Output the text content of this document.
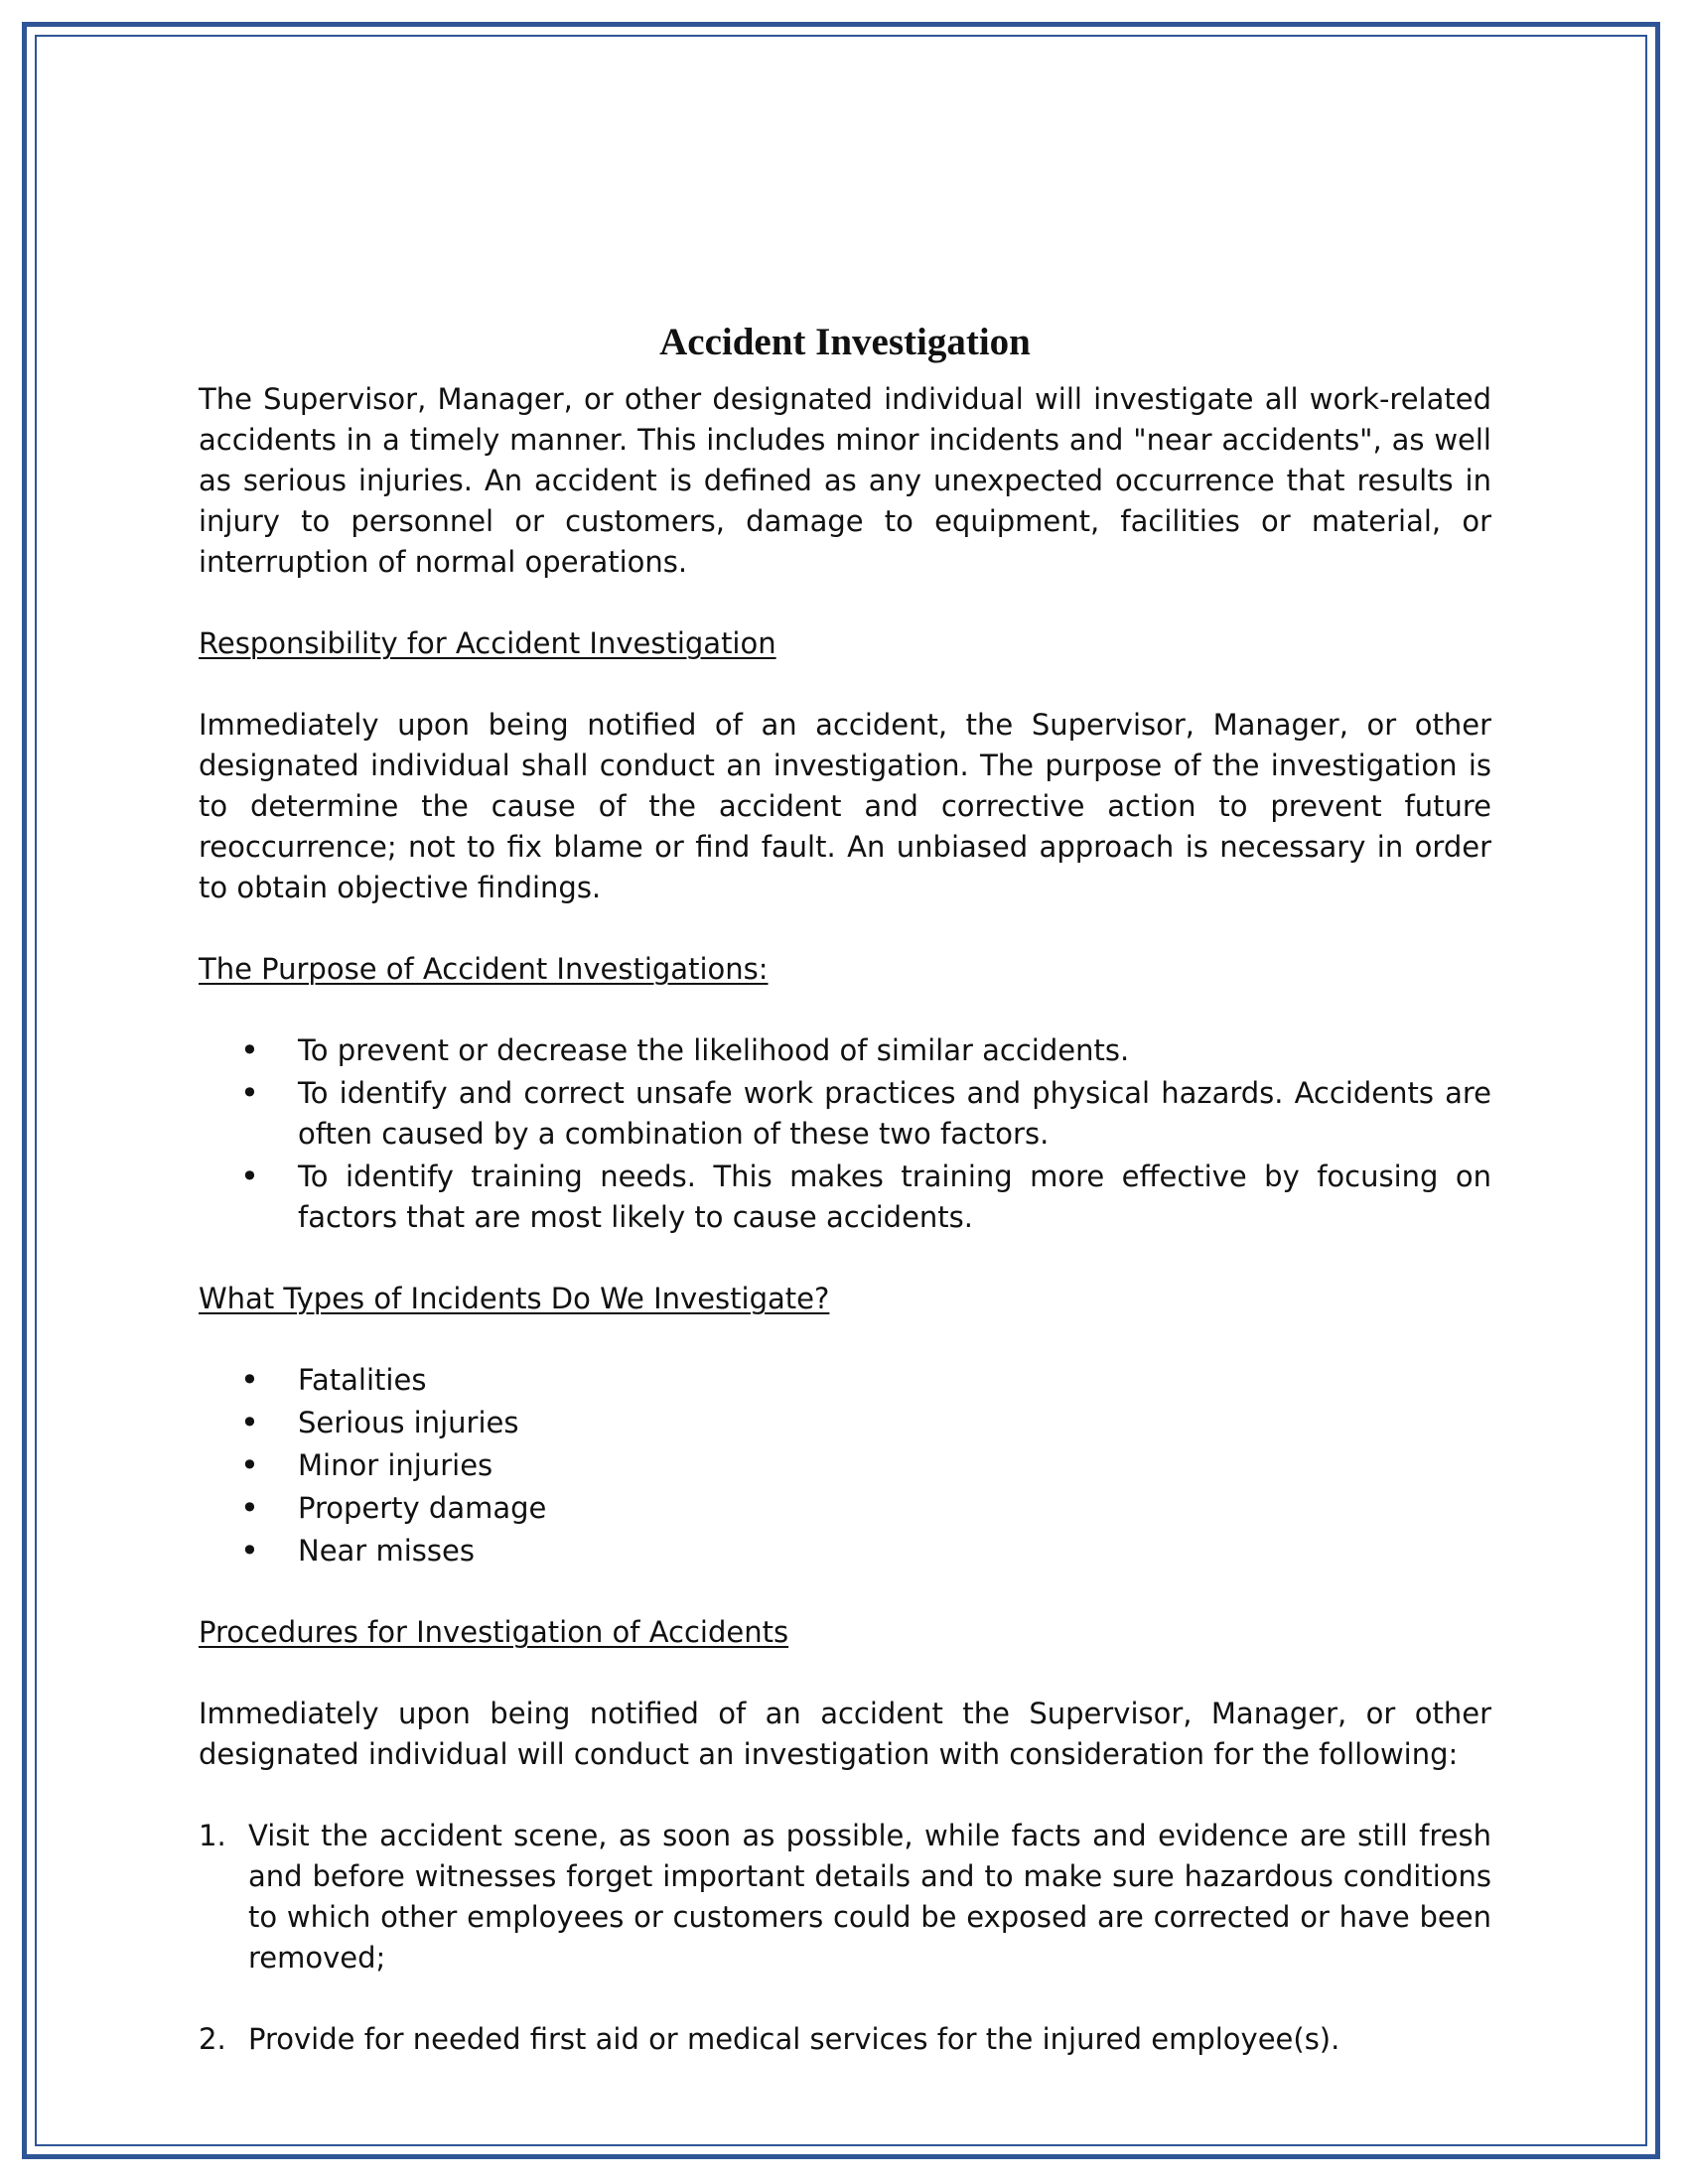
Accident Investigation

The Supervisor, Manager, or other designated individual will investigate all work-related accidents in a timely manner. This includes minor incidents and "near accidents", as well as serious injuries. An accident is defined as any unexpected occurrence that results in injury to personnel or customers, damage to equipment, facilities or material, or interruption of normal operations.

Responsibility for Accident Investigation

Immediately upon being notified of an accident, the Supervisor, Manager, or other designated individual shall conduct an investigation. The purpose of the investigation is to determine the cause of the accident and corrective action to prevent future reoccurrence; not to fix blame or find fault. An unbiased approach is necessary in order to obtain objective findings.

The Purpose of Accident Investigations:

• To prevent or decrease the likelihood of similar accidents.
• To identify and correct unsafe work practices and physical hazards. Accidents are often caused by a combination of these two factors.
• To identify training needs. This makes training more effective by focusing on factors that are most likely to cause accidents.

What Types of Incidents Do We Investigate?

• Fatalities
• Serious injuries
• Minor injuries
• Property damage
• Near misses

Procedures for Investigation of Accidents

Immediately upon being notified of an accident the Supervisor, Manager, or other designated individual will conduct an investigation with consideration for the following:

1. Visit the accident scene, as soon as possible, while facts and evidence are still fresh and before witnesses forget important details and to make sure hazardous conditions to which other employees or customers could be exposed are corrected or have been removed;
2. Provide for needed first aid or medical services for the injured employee(s).
